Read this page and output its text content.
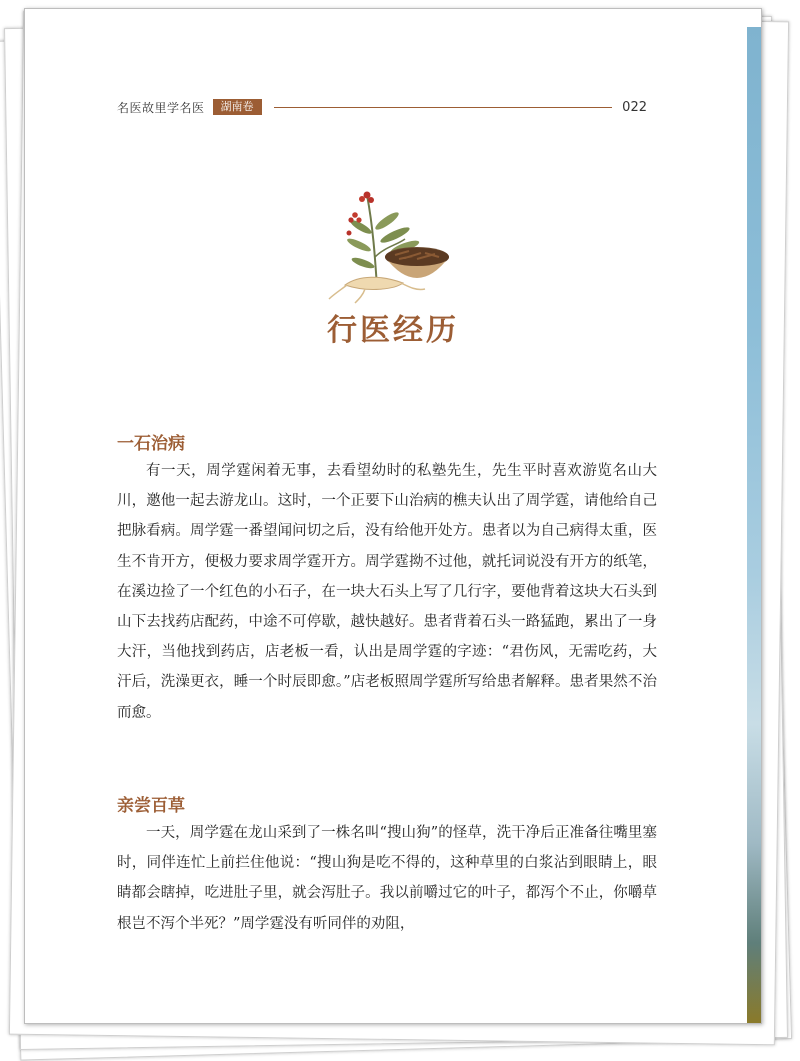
名医故里学名医	湖南卷	022
行医经历
一石治病

有一天，周学霆闲着无事，去看望幼时的私塾先生，先生平时喜欢游览名山大川，邀他一起去游龙山。这时，一个正要下山治病的樵夫认出了周学霆，请他给自己把脉看病。周学霆一番望闻问切之后，没有给他开处方。患者以为自己病得太重，医生不肯开方，便极力要求周学霆开方。周学霆拗不过他，就托词说没有开方的纸笔，在溪边捡了一个红色的小石子，在一块大石头上写了几行字，要他背着这块大石头到山下去找药店配药，中途不可停歇，越快越好。患者背着石头一路猛跑，累出了一身大汗，当他找到药店，店老板一看，认出是周学霆的字迹：“君伤风，无需吃药，大汗后，洗澡更衣，睡一个时辰即愈。”店老板照周学霆所写给患者解释。患者果然不治而愈。

亲尝百草

一天，周学霆在龙山采到了一株名叫“搜山狗”的怪草，洗干净后正准备往嘴里塞时，同伴连忙上前拦住他说：“搜山狗是吃不得的，这种草里的白浆沾到眼睛上，眼睛都会瞎掉，吃进肚子里，就会泻肚子。我以前嚼过它的叶子，都泻个不止，你嚼草根岂不泻个半死？”周学霆没有听同伴的劝阻，
